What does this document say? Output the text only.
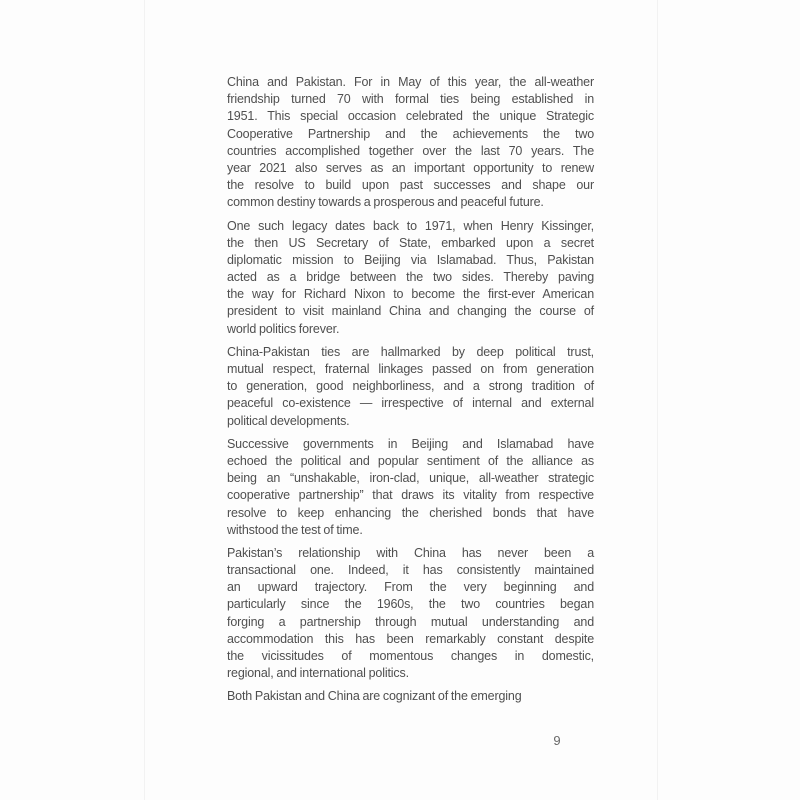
China and Pakistan. For in May of this year, the all-weather
friendship turned 70 with formal ties being established in
1951. This special occasion celebrated the unique Strategic
Cooperative Partnership and the achievements the two
countries accomplished together over the last 70 years. The
year 2021 also serves as an important opportunity to renew
the resolve to build upon past successes and shape our
common destiny towards a prosperous and peaceful future.
One such legacy dates back to 1971, when Henry Kissinger,
the then US Secretary of State, embarked upon a secret
diplomatic mission to Beijing via Islamabad. Thus, Pakistan
acted as a bridge between the two sides. Thereby paving
the way for Richard Nixon to become the first-ever American
president to visit mainland China and changing the course of
world politics forever.
China-Pakistan ties are hallmarked by deep political trust,
mutual respect, fraternal linkages passed on from generation
to generation, good neighborliness, and a strong tradition of
peaceful co-existence — irrespective of internal and external
political developments.
Successive governments in Beijing and Islamabad have
echoed the political and popular sentiment of the alliance as
being an “unshakable, iron-clad, unique, all-weather strategic
cooperative partnership” that draws its vitality from respective
resolve to keep enhancing the cherished bonds that have
withstood the test of time.
Pakistan’s relationship with China has never been a
transactional one. Indeed, it has consistently maintained
an upward trajectory. From the very beginning and
particularly since the 1960s, the two countries began
forging a partnership through mutual understanding and
accommodation this has been remarkably constant despite
the vicissitudes of momentous changes in domestic,
regional, and international politics.
Both Pakistan and China are cognizant of the emerging
9
